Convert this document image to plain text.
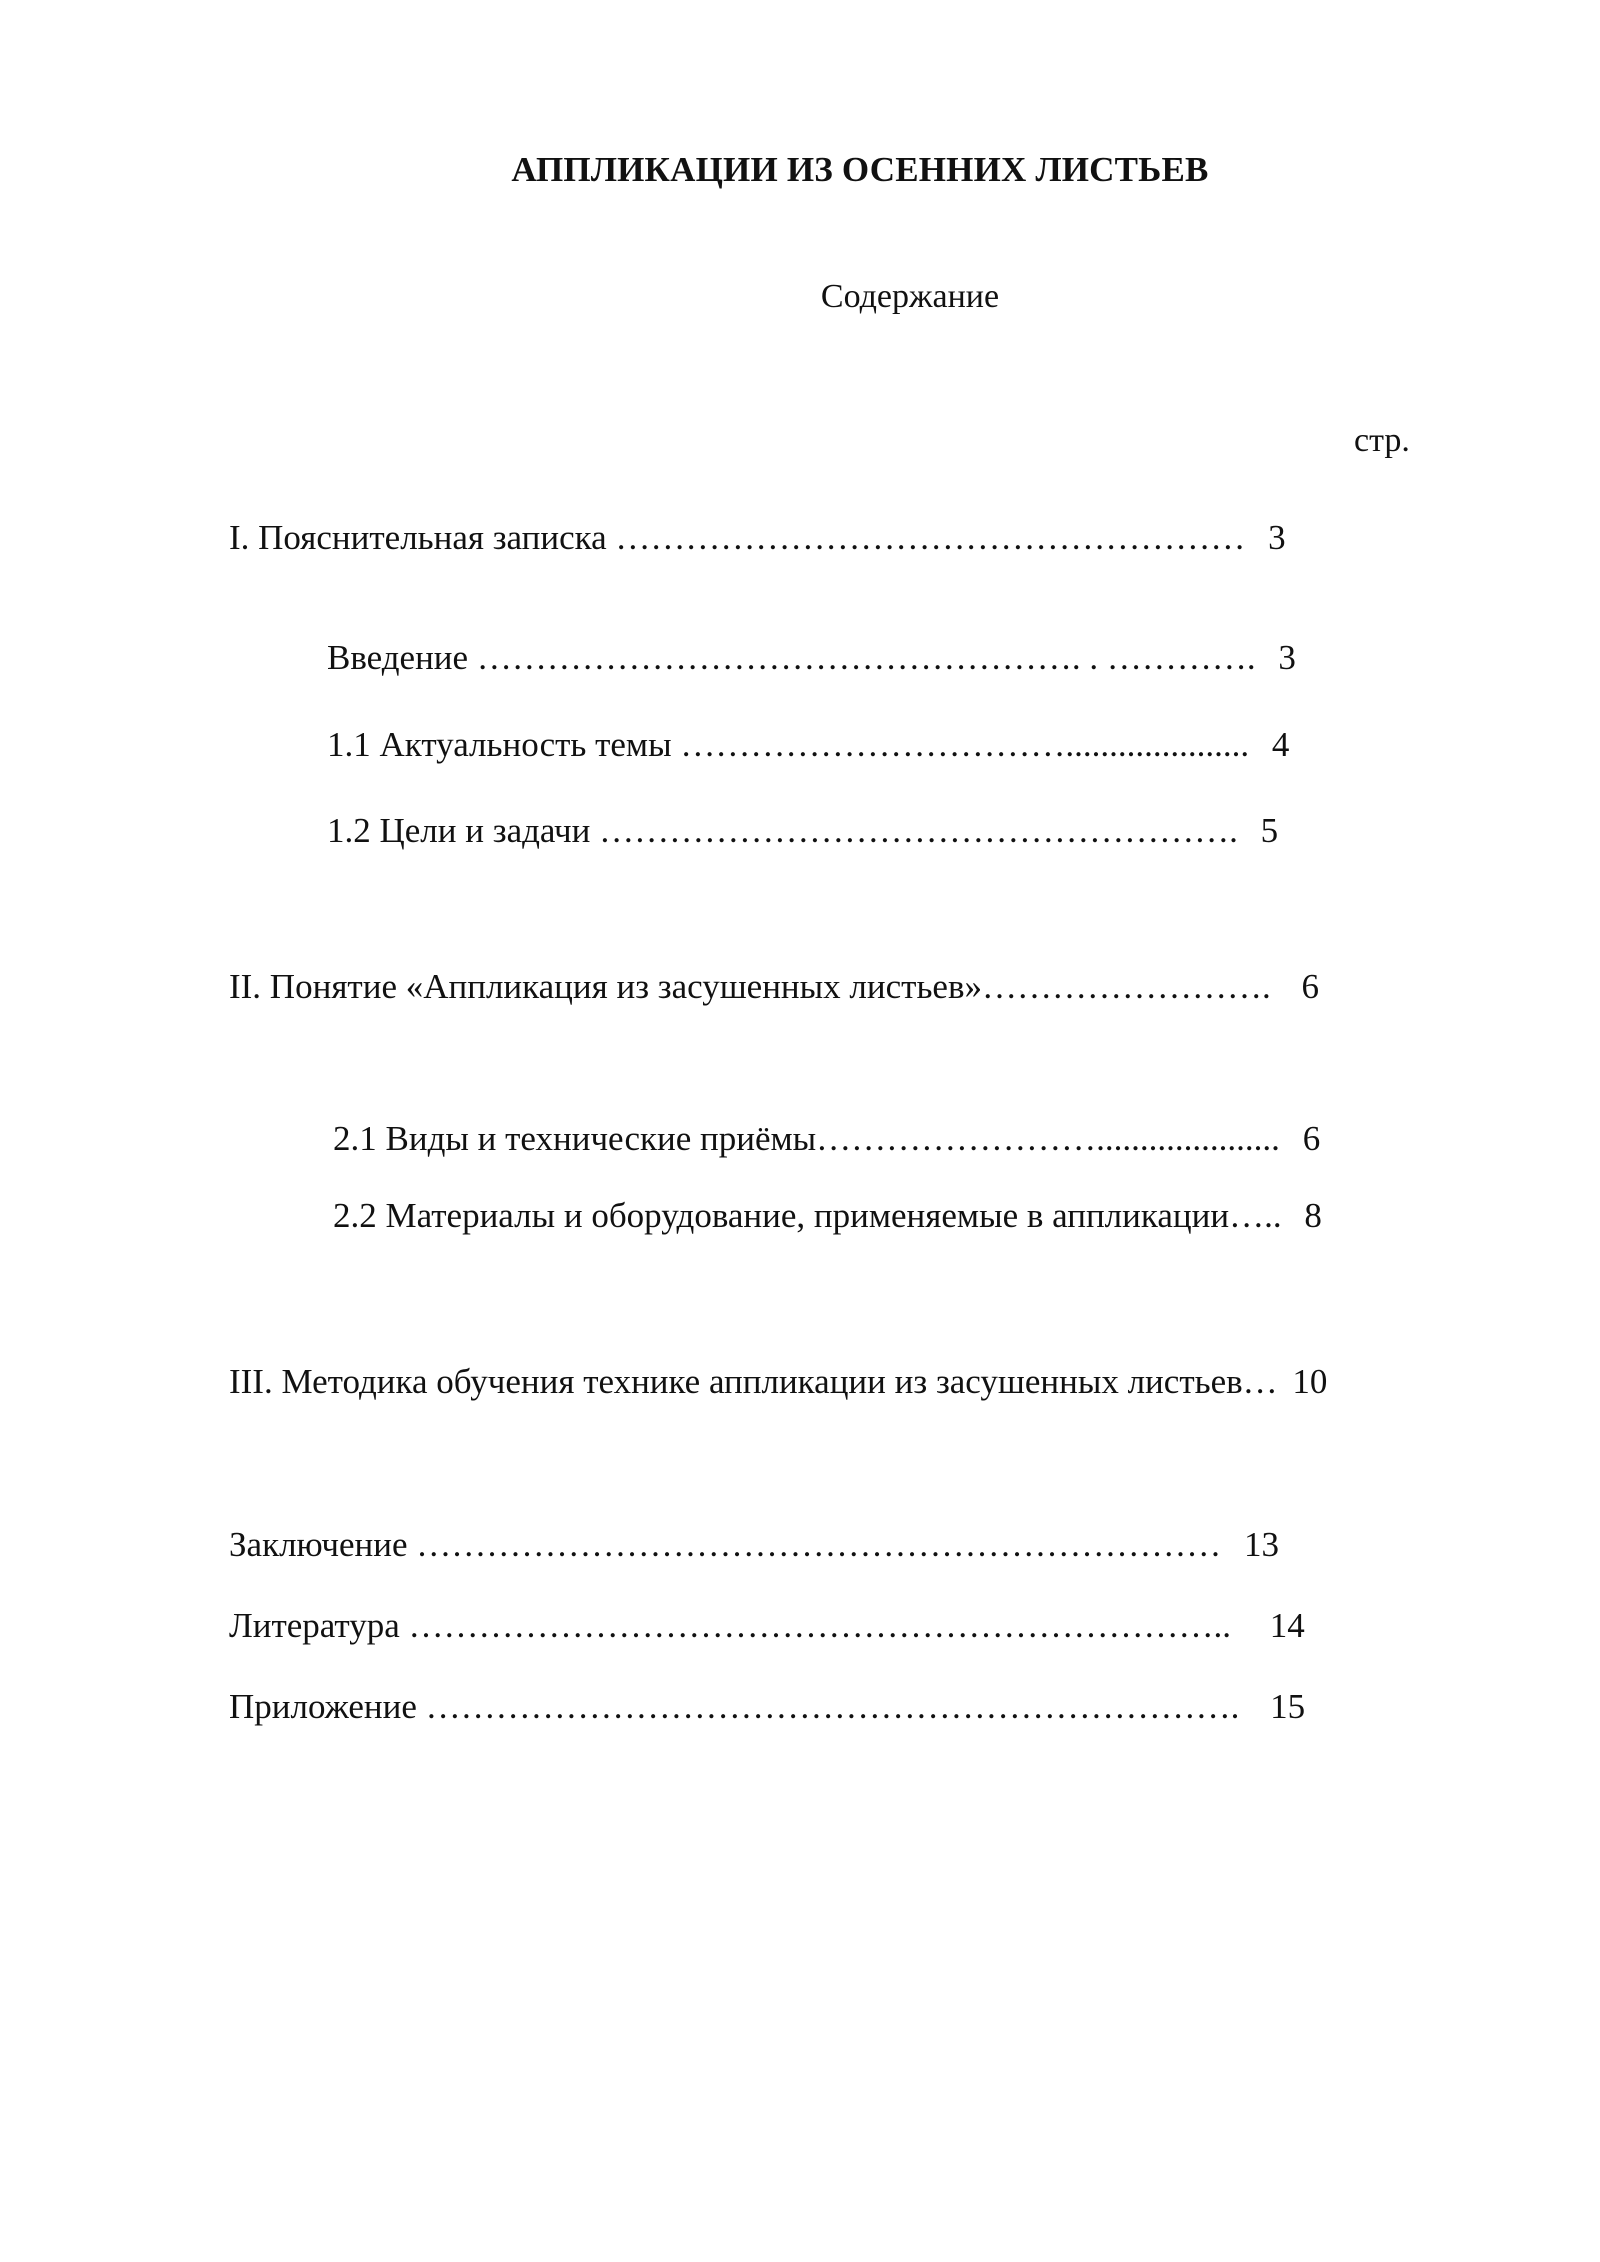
АППЛИКАЦИИ ИЗ ОСЕННИХ ЛИСТЬЕВ
Содержание
стр.
I. Пояснительная записка ……………………………………………… 3
Введение ……………………………………………. . …………. 3
1.1 Актуальность темы ……………………………..................... 4
1.2 Цели и задачи ………………………………………………. 5
II. Понятие «Аппликация из засушенных листьев»……………………. 6
2.1 Виды и технические приёмы……………………..................... 6
2.2 Материалы и оборудование, применяемые в аппликации….. 8
III. Методика обучения технике аппликации из засушенных листьев… 10
Заключение …………………………………………………………… 13
Литература …………………………………………………………….. 14
Приложение ……………………………………………………………. 15
